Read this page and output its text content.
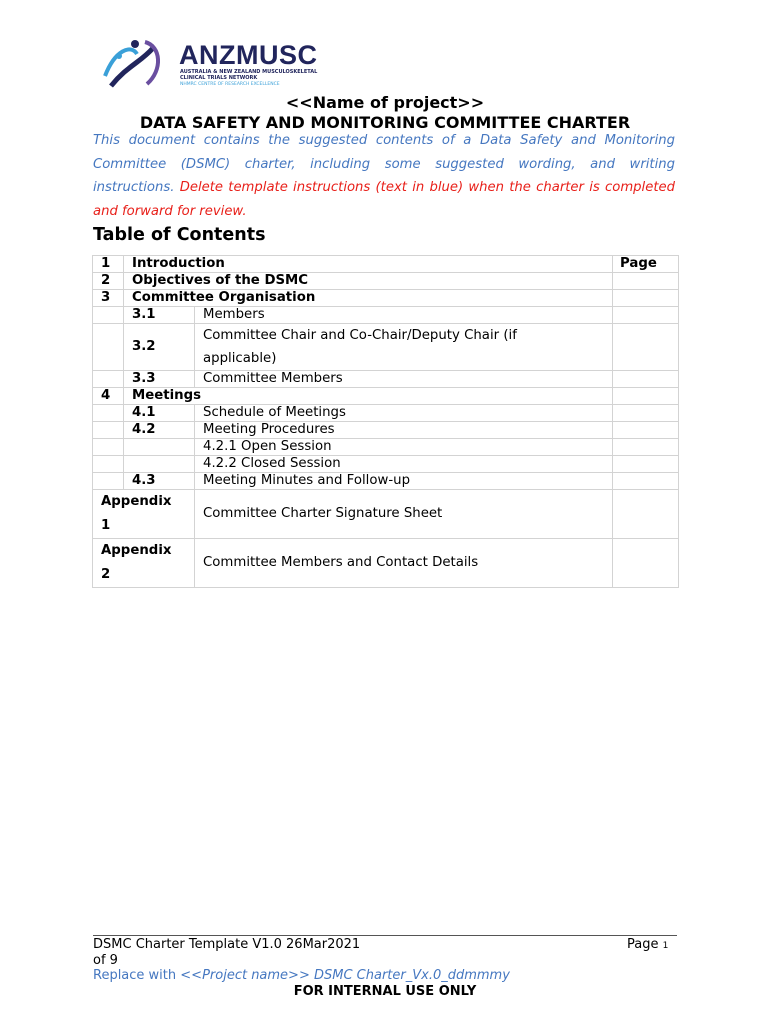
ANZMUSC
AUSTRALIA & NEW ZEALAND MUSCULOSKELETAL
CLINICAL TRIALS NETWORK
NHMRC CENTRE OF RESEARCH EXCELLENCE
<<Name of project>>
DATA SAFETY AND MONITORING COMMITTEE CHARTER
This document contains the suggested contents of a Data Safety and Monitoring Committee (DSMC) charter, including some suggested wording, and writing instructions. Delete template instructions (text in blue) when the charter is completed and forward for review.
Table of Contents
1	Introduction		Page
2	Objectives of the DSMC		
3	Committee Organisation		
	3.1	Members	
	3.2	Committee Chair and Co-Chair/Deputy Chair (if applicable)	
	3.3	Committee Members	
4	Meetings		
	4.1	Schedule of Meetings	
	4.2	Meeting Procedures	
		4.2.1 Open Session	
		4.2.2 Closed Session	
	4.3	Meeting Minutes and Follow-up	

Appendix 1		Committee Charter Signature Sheet	

Appendix 2		Committee Members and Contact Details	
DSMC Charter Template V1.0 26Mar2021
of 9
Page 1
Replace with <<Project name>> DSMC Charter_Vx.0_ddmmmy
FOR INTERNAL USE ONLY
